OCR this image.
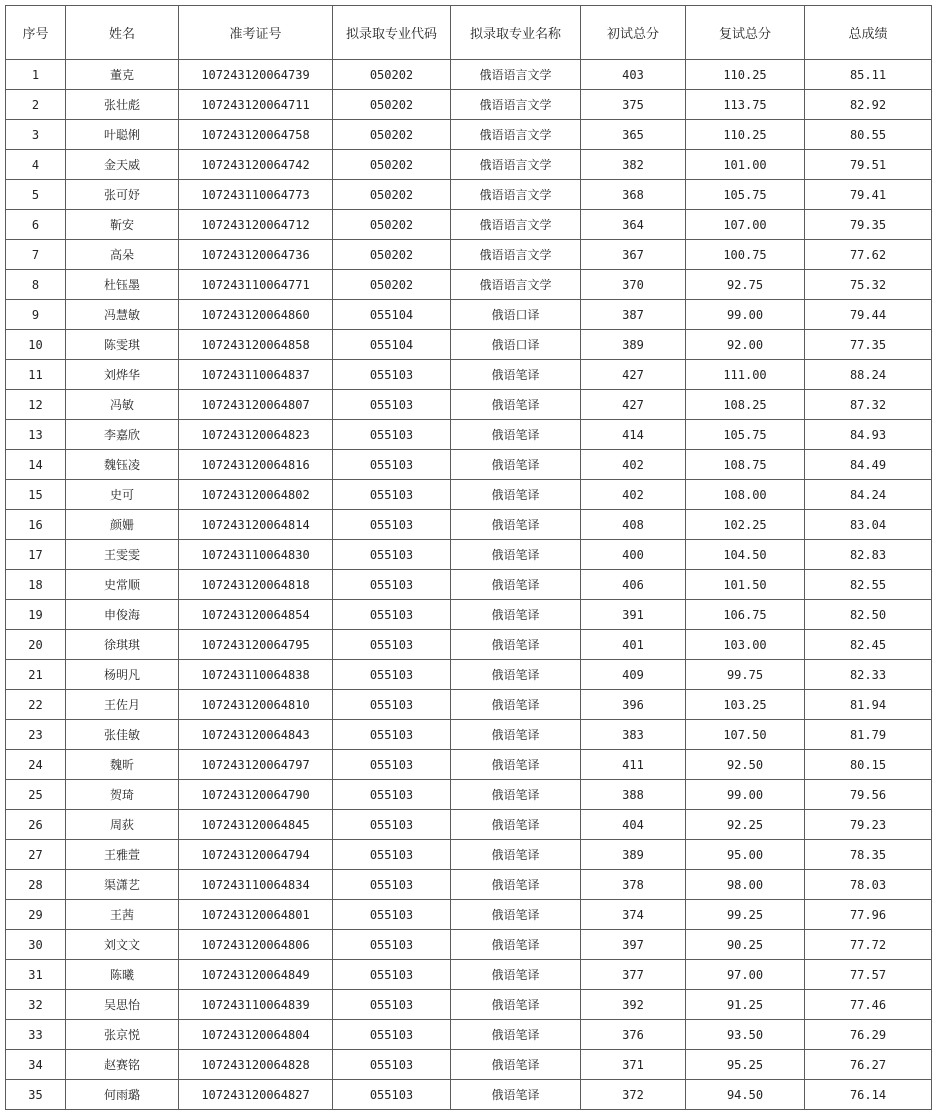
序号	姓名	准考证号	拟录取专业代码	拟录取专业名称	初试总分	复试总分	总成绩
1	董克	107243120064739	050202	俄语语言文学	403	110.25	85.11
2	张壮彪	107243120064711	050202	俄语语言文学	375	113.75	82.92
3	叶聪俐	107243120064758	050202	俄语语言文学	365	110.25	80.55
4	金天威	107243120064742	050202	俄语语言文学	382	101.00	79.51
5	张可妤	107243110064773	050202	俄语语言文学	368	105.75	79.41
6	靳安	107243120064712	050202	俄语语言文学	364	107.00	79.35
7	高朵	107243120064736	050202	俄语语言文学	367	100.75	77.62
8	杜钰墨	107243110064771	050202	俄语语言文学	370	92.75	75.32
9	冯慧敏	107243120064860	055104	俄语口译	387	99.00	79.44
10	陈雯琪	107243120064858	055104	俄语口译	389	92.00	77.35
11	刘烨华	107243110064837	055103	俄语笔译	427	111.00	88.24
12	冯敏	107243120064807	055103	俄语笔译	427	108.25	87.32
13	李嘉欣	107243120064823	055103	俄语笔译	414	105.75	84.93
14	魏钰凌	107243120064816	055103	俄语笔译	402	108.75	84.49
15	史可	107243120064802	055103	俄语笔译	402	108.00	84.24
16	颜姗	107243120064814	055103	俄语笔译	408	102.25	83.04
17	王雯雯	107243110064830	055103	俄语笔译	400	104.50	82.83
18	史常顺	107243120064818	055103	俄语笔译	406	101.50	82.55
19	申俊海	107243120064854	055103	俄语笔译	391	106.75	82.50
20	徐琪琪	107243120064795	055103	俄语笔译	401	103.00	82.45
21	杨明凡	107243110064838	055103	俄语笔译	409	99.75	82.33
22	王佐月	107243120064810	055103	俄语笔译	396	103.25	81.94
23	张佳敏	107243120064843	055103	俄语笔译	383	107.50	81.79
24	魏昕	107243120064797	055103	俄语笔译	411	92.50	80.15
25	贺琦	107243120064790	055103	俄语笔译	388	99.00	79.56
26	周荻	107243120064845	055103	俄语笔译	404	92.25	79.23
27	王雅萱	107243120064794	055103	俄语笔译	389	95.00	78.35
28	渠潇艺	107243110064834	055103	俄语笔译	378	98.00	78.03
29	王茜	107243120064801	055103	俄语笔译	374	99.25	77.96
30	刘文文	107243120064806	055103	俄语笔译	397	90.25	77.72
31	陈曦	107243120064849	055103	俄语笔译	377	97.00	77.57
32	吴思怡	107243110064839	055103	俄语笔译	392	91.25	77.46
33	张京悦	107243120064804	055103	俄语笔译	376	93.50	76.29
34	赵赛铭	107243120064828	055103	俄语笔译	371	95.25	76.27
35	何雨璐	107243120064827	055103	俄语笔译	372	94.50	76.14
